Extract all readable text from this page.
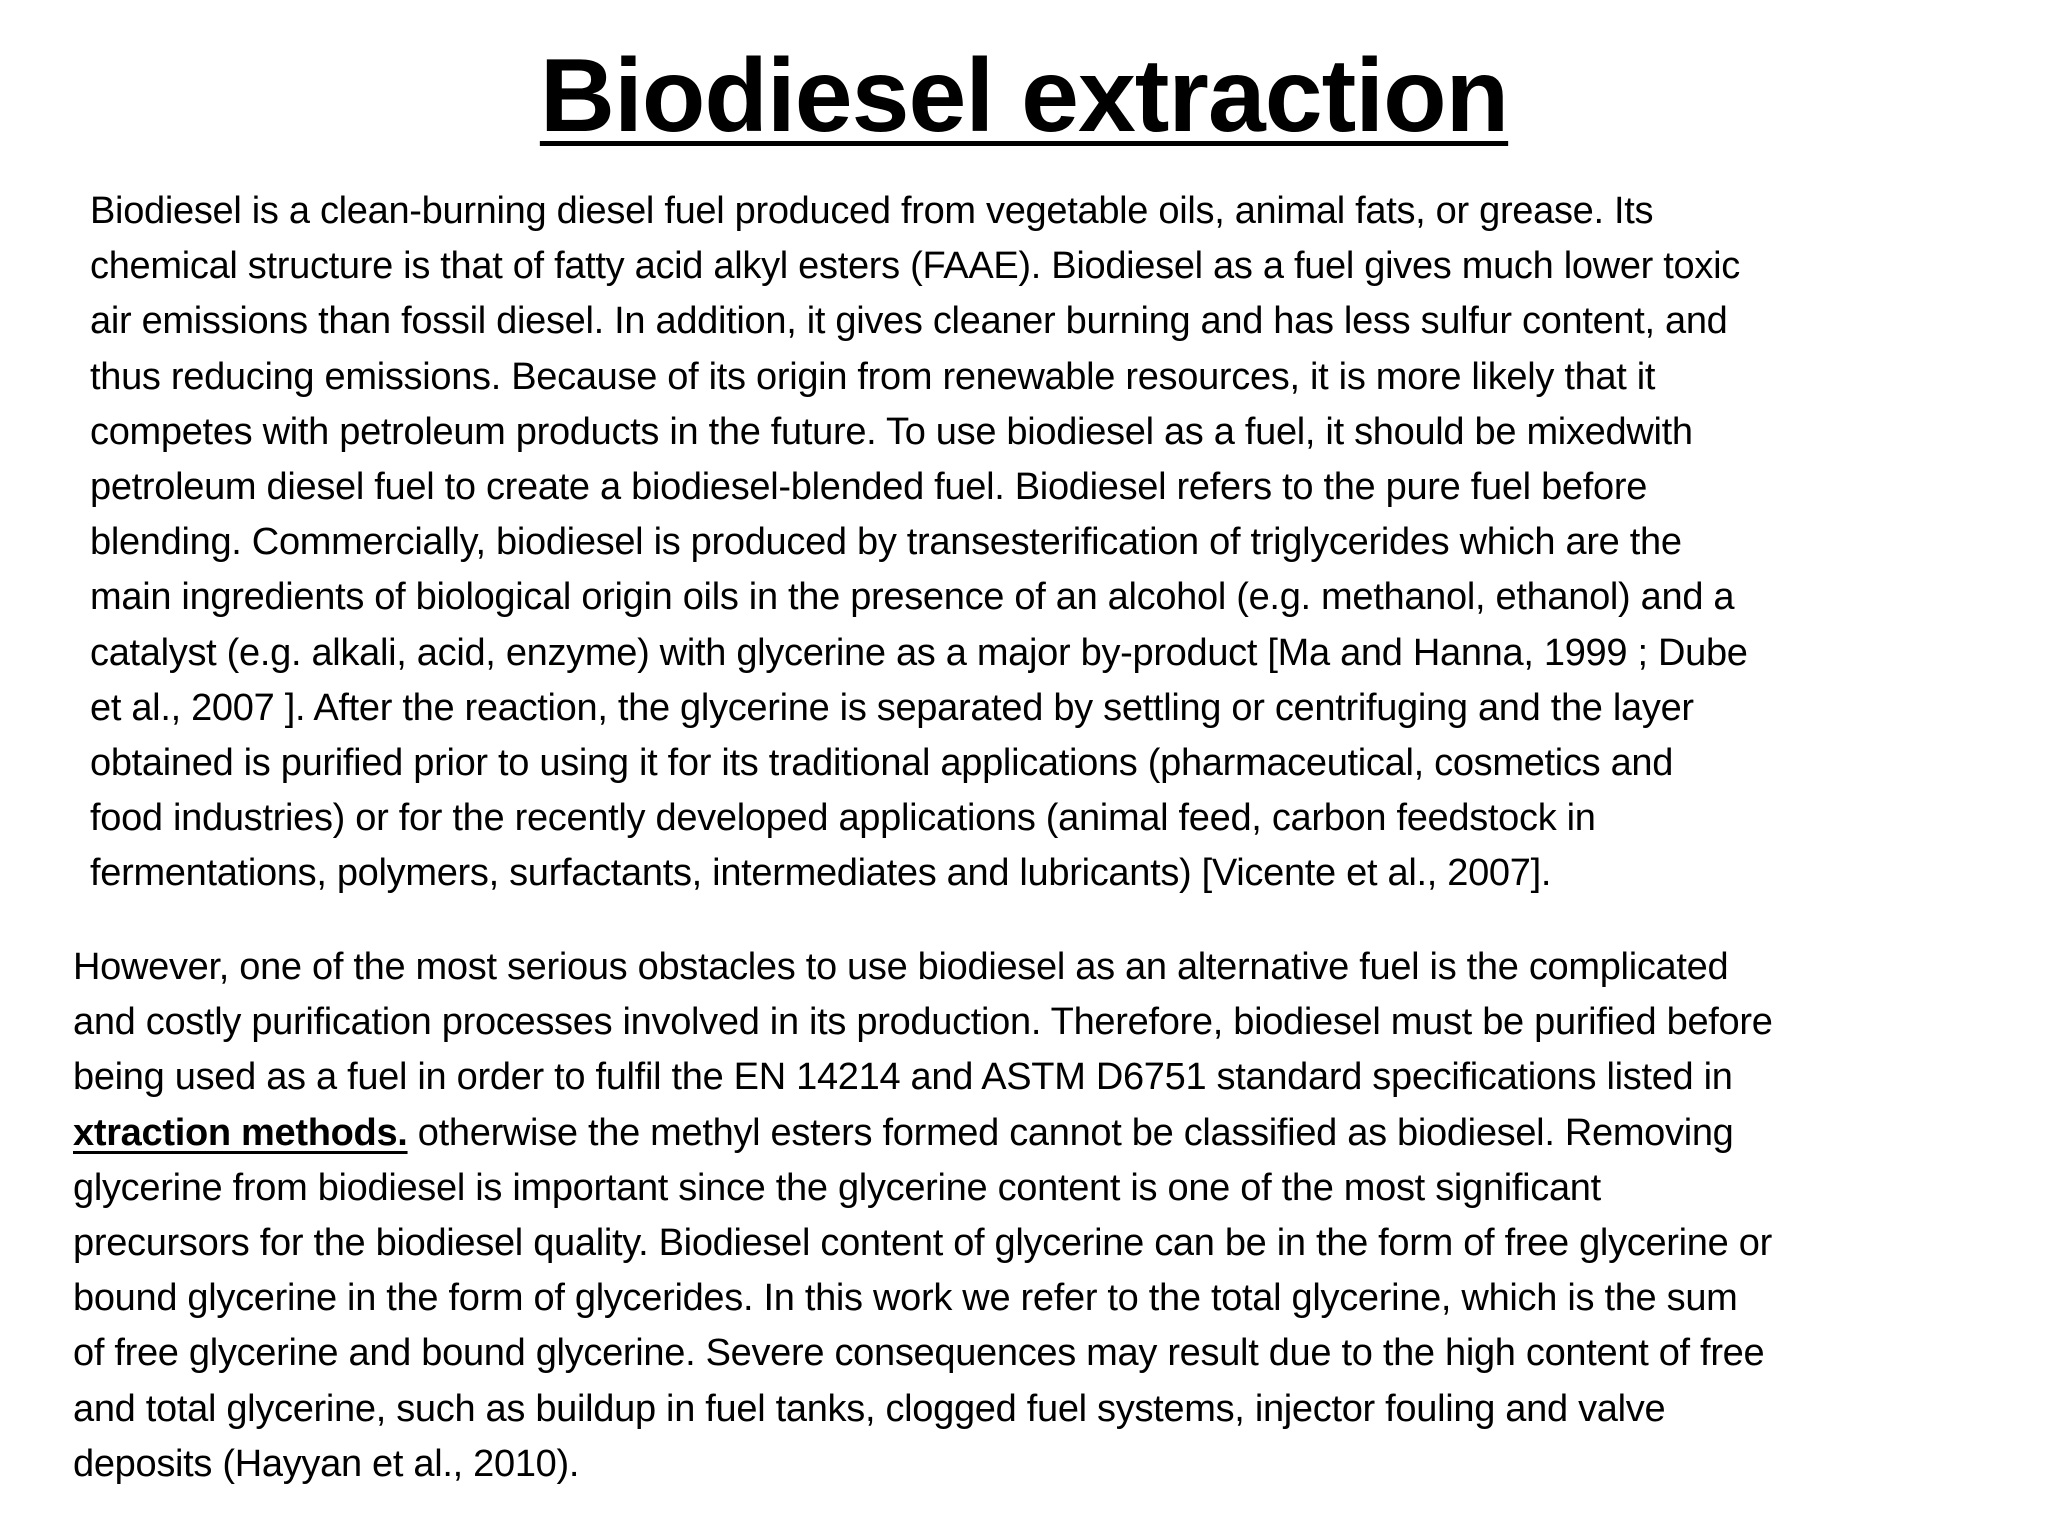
Biodiesel extraction
Biodiesel is a clean-burning diesel fuel produced from vegetable oils, animal fats, or grease. Its
chemical structure is that of fatty acid alkyl esters (FAAE). Biodiesel as a fuel gives much lower toxic
air emissions than fossil diesel. In addition, it gives cleaner burning and has less sulfur content, and
thus reducing emissions. Because of its origin from renewable resources, it is more likely that it
competes with petroleum products in the future. To use biodiesel as a fuel, it should be mixedwith
petroleum diesel fuel to create a biodiesel-blended fuel. Biodiesel refers to the pure fuel before
blending. Commercially, biodiesel is produced by transesterification of triglycerides which are the
main ingredients of biological origin oils in the presence of an alcohol (e.g. methanol, ethanol) and a
catalyst (e.g. alkali, acid, enzyme) with glycerine as a major by-product [Ma and Hanna, 1999 ; Dube
et al., 2007 ]. After the reaction, the glycerine is separated by settling or centrifuging and the layer
obtained is purified prior to using it for its traditional applications (pharmaceutical, cosmetics and
food industries) or for the recently developed applications (animal feed, carbon feedstock in
fermentations, polymers, surfactants, intermediates and lubricants) [Vicente et al., 2007].
However, one of the most serious obstacles to use biodiesel as an alternative fuel is the complicated
and costly purification processes involved in its production. Therefore, biodiesel must be purified before
being used as a fuel in order to fulfil the EN 14214 and ASTM D6751 standard specifications listed in
xtraction methods. otherwise the methyl esters formed cannot be classified as biodiesel. Removing
glycerine from biodiesel is important since the glycerine content is one of the most significant
precursors for the biodiesel quality. Biodiesel content of glycerine can be in the form of free glycerine or
bound glycerine in the form of glycerides. In this work we refer to the total glycerine, which is the sum
of free glycerine and bound glycerine. Severe consequences may result due to the high content of free
and total glycerine, such as buildup in fuel tanks, clogged fuel systems, injector fouling and valve
deposits (Hayyan et al., 2010).
